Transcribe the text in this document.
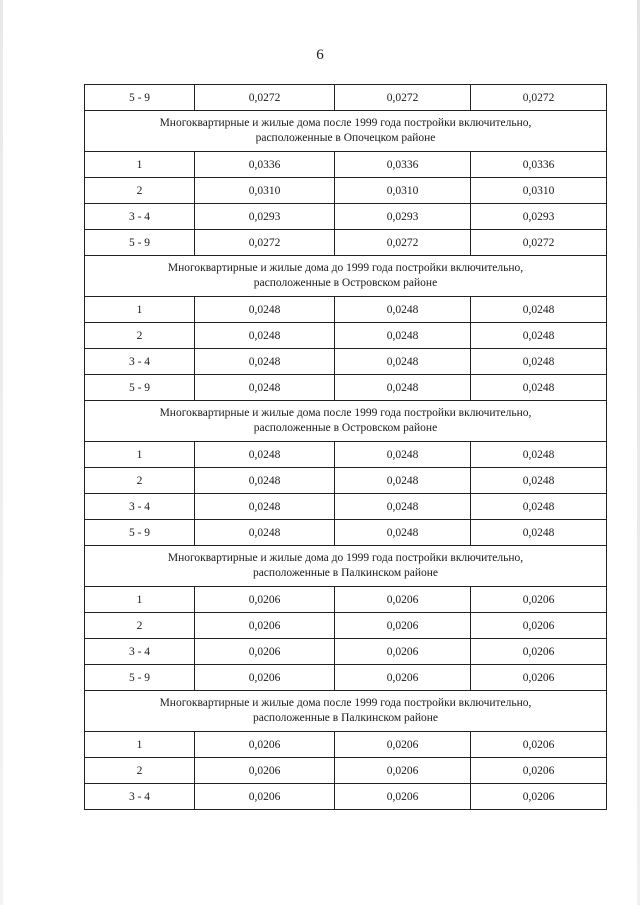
6
5 - 9	0,0272	0,0272	0,0272

Многоквартирные и жилые дома после 1999 года постройки включительно,
расположенные в Опочецком районе			

1	0,0336	0,0336	0,0336
2	0,0310	0,0310	0,0310
3 - 4	0,0293	0,0293	0,0293
5 - 9	0,0272	0,0272	0,0272

Многоквартирные и жилые дома до 1999 года постройки включительно,
расположенные в Островском районе			

1	0,0248	0,0248	0,0248
2	0,0248	0,0248	0,0248
3 - 4	0,0248	0,0248	0,0248
5 - 9	0,0248	0,0248	0,0248

Многоквартирные и жилые дома после 1999 года постройки включительно,
расположенные в Островском районе			

1	0,0248	0,0248	0,0248
2	0,0248	0,0248	0,0248
3 - 4	0,0248	0,0248	0,0248
5 - 9	0,0248	0,0248	0,0248

Многоквартирные и жилые дома до 1999 года постройки включительно,
расположенные в Палкинском районе			

1	0,0206	0,0206	0,0206
2	0,0206	0,0206	0,0206
3 - 4	0,0206	0,0206	0,0206
5 - 9	0,0206	0,0206	0,0206

Многоквартирные и жилые дома после 1999 года постройки включительно,
расположенные в Палкинском районе			

1	0,0206	0,0206	0,0206
2	0,0206	0,0206	0,0206
3 - 4	0,0206	0,0206	0,0206
